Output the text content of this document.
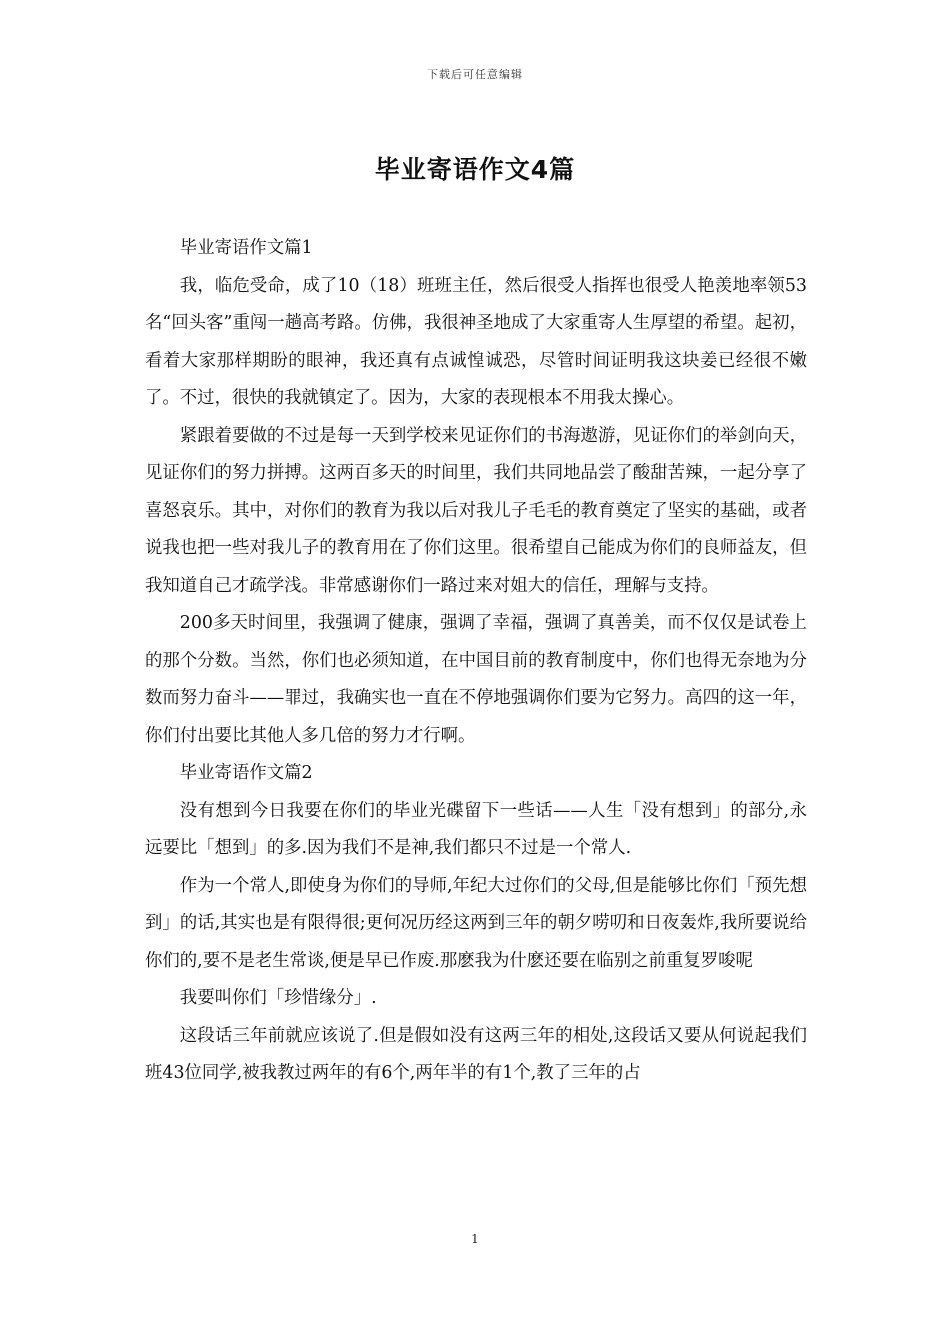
下载后可任意编辑
毕业寄语作文4篇

毕业寄语作文篇1

我，临危受命，成了10（18）班班主任，然后很受人指挥也很受人艳羡地率领53名“回头客”重闯一趟高考路。仿佛，我很神圣地成了大家重寄人生厚望的希望。起初，看着大家那样期盼的眼神，我还真有点诚惶诚恐，尽管时间证明我这块姜已经很不嫩了。不过，很快的我就镇定了。因为，大家的表现根本不用我太操心。

紧跟着要做的不过是每一天到学校来见证你们的书海遨游，见证你们的举剑向天，见证你们的努力拼搏。这两百多天的时间里，我们共同地品尝了酸甜苦辣，一起分享了喜怒哀乐。其中，对你们的教育为我以后对我儿子毛毛的教育奠定了坚实的基础，或者说我也把一些对我儿子的教育用在了你们这里。很希望自己能成为你们的良师益友，但我知道自己才疏学浅。非常感谢你们一路过来对姐大的信任，理解与支持。

200多天时间里，我强调了健康，强调了幸福，强调了真善美，而不仅仅是试卷上的那个分数。当然，你们也必须知道，在中国目前的教育制度中，你们也得无奈地为分数而努力奋斗——罪过，我确实也一直在不停地强调你们要为它努力。高四的这一年，你们付出要比其他人多几倍的努力才行啊。

毕业寄语作文篇2

没有想到今日我要在你们的毕业光碟留下一些话——人生「没有想到」的部分,永远要比「想到」的多.因为我们不是神,我们都只不过是一个常人.

作为一个常人,即使身为你们的导师,年纪大过你们的父母,但是能够比你们「预先想到」的话,其实也是有限得很;更何况历经这两到三年的朝夕唠叨和日夜轰炸,我所要说给你们的,要不是老生常谈,便是早已作废.那麽我为什麽还要在临别之前重复罗唆呢

我要叫你们「珍惜缘分」.

这段话三年前就应该说了.但是假如没有这两三年的相处,这段话又要从何说起我们班43位同学,被我教过两年的有6个,两年半的有1个,教了三年的占

1
